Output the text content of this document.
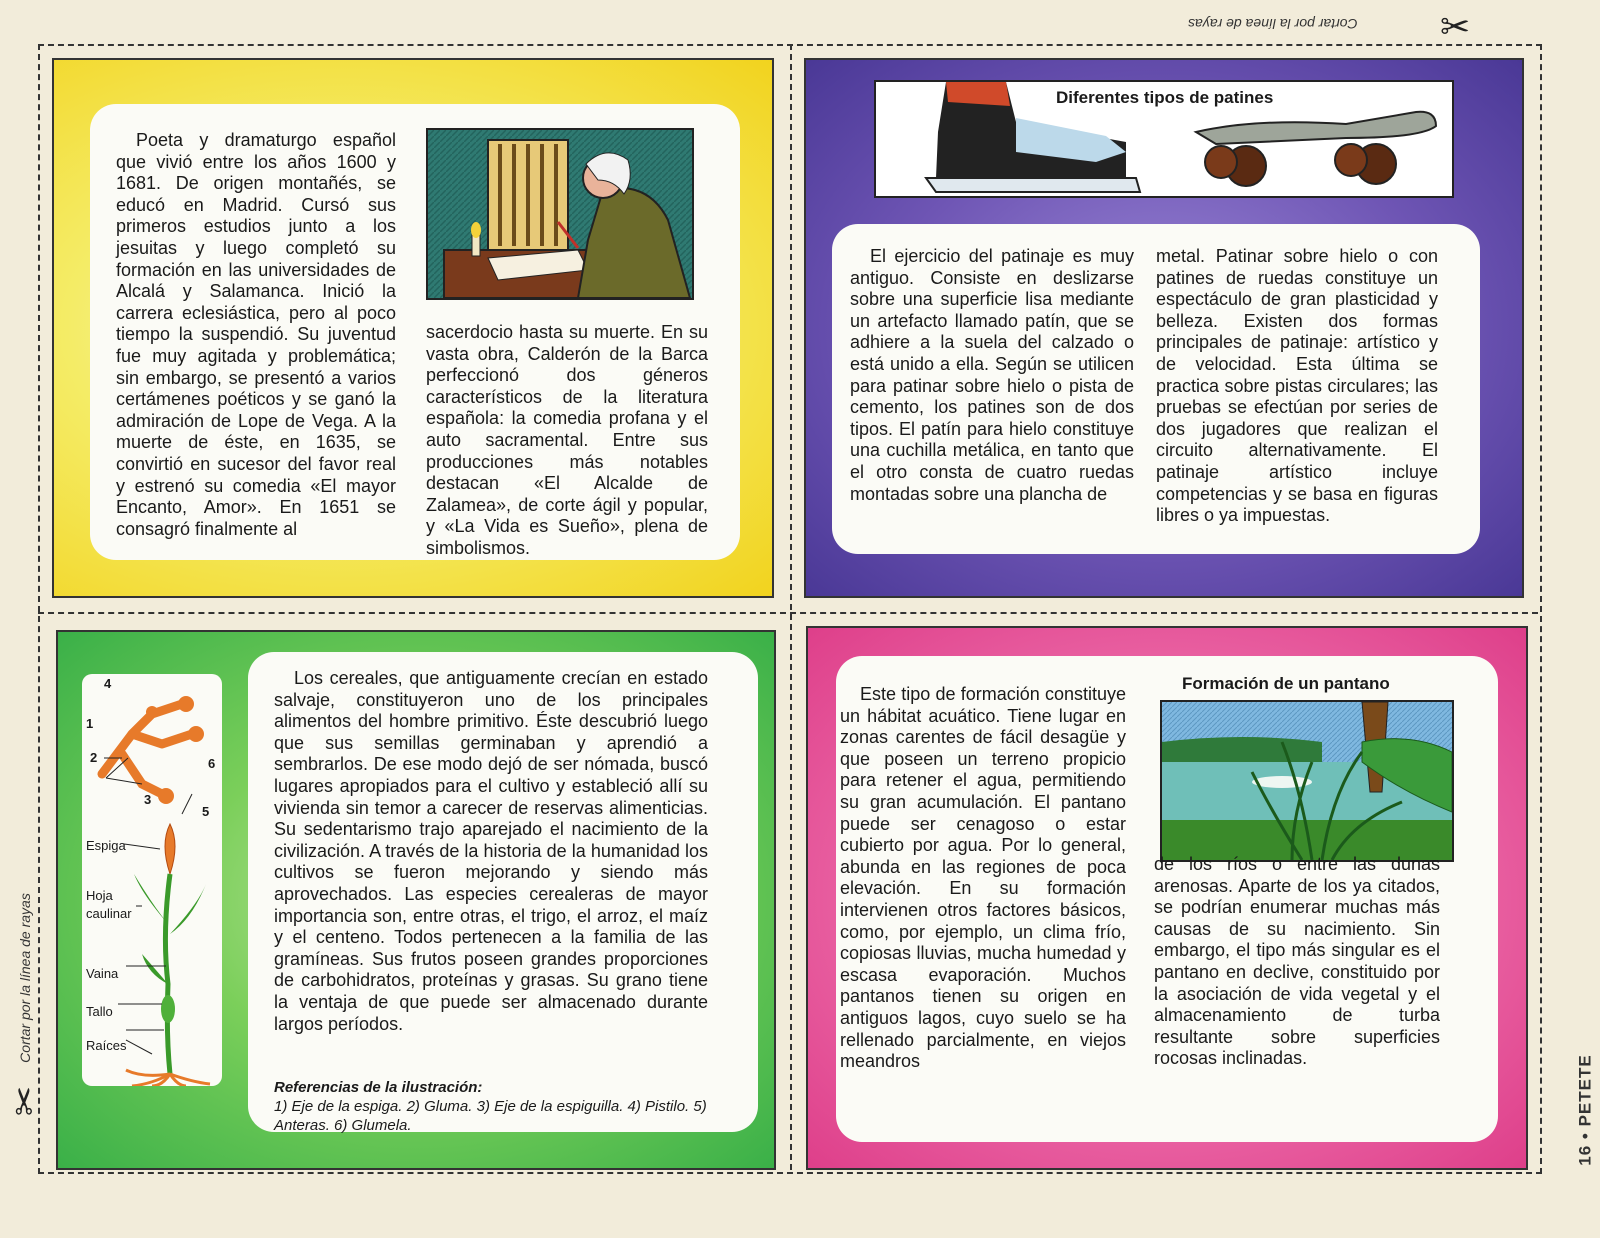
Cortar por la línea de rayas ✂
Cortar por la línea de rayas
✂	16 • PETETE

Poeta y dramaturgo español que vivió entre los años 1600 y 1681. De origen montañés, se educó en Madrid. Cursó sus primeros estudios junto a los jesuitas y luego completó su formación en las universidades de Alcalá y Salamanca. Inició la carrera eclesiástica, pero al poco tiempo la suspendió. Su juventud fue muy agitada y problemática; sin embargo, se presentó a varios certámenes poéticos y se ganó la admiración de Lope de Vega. A la muerte de éste, en 1635, se convirtió en sucesor del favor real y estrenó su comedia «El mayor Encanto, Amor». En 1651 se consagró finalmente al

sacerdocio hasta su muerte. En su vasta obra, Calderón de la Barca perfeccionó dos géneros característicos de la literatura española: la comedia profana y el auto sacramental. Entre sus producciones más notables destacan «El Alcalde de Zalamea», de corte ágil y popular, y «La Vida es Sueño», plena de simbolismos.

Diferentes tipos de patines

El ejercicio del patinaje es muy antiguo. Consiste en deslizarse sobre una superficie lisa mediante un artefacto llamado patín, que se adhiere a la suela del calzado o está unido a ella. Según se utilicen para patinar sobre hielo o pista de cemento, los patines son de dos tipos. El patín para hielo constituye una cuchilla metálica, en tanto que el otro consta de cuatro ruedas montadas sobre una plancha de

metal. Patinar sobre hielo o con patines de ruedas constituye un espectáculo de gran plasticidad y belleza. Existen dos formas principales de patinaje: artístico y de velocidad. Esta última se practica sobre pistas circulares; las pruebas se efectúan por series de dos jugadores que realizan el circuito alternativamente. El patinaje artístico incluye competencias y se basa en figuras libres o ya impuestas.

4
1
2
3
6
5
Espiga
Hoja
caulinar
Vaina
Tallo
Raíces

Los cereales, que antiguamente crecían en estado salvaje, constituyeron uno de los principales alimentos del hombre primitivo. Éste descubrió luego que sus semillas germinaban y aprendió a sembrarlos. De ese modo dejó de ser nómada, buscó lugares apropiados para el cultivo y estableció allí su vivienda sin temor a carecer de reservas alimenticias. Su sedentarismo trajo aparejado el nacimiento de la civilización. A través de la historia de la humanidad los cultivos se fueron mejorando y siendo más aprovechados. Las especies cerealeras de mayor importancia son, entre otras, el trigo, el arroz, el maíz y el centeno. Todos pertenecen a la familia de las gramíneas. Sus frutos poseen grandes proporciones de carbohidratos, proteínas y grasas. Su grano tiene la ventaja de que puede ser almacenado durante largos períodos.

Referencias de la ilustración:
1) Eje de la espiga. 2) Gluma. 3) Eje de la espiguilla. 4) Pistilo. 5) Anteras. 6) Glumela.
Formación de un pantano

Este tipo de formación constituye un hábitat acuático. Tiene lugar en zonas carentes de fácil desagüe y que poseen un terreno propicio para retener el agua, permitiendo su gran acumulación. El pantano puede ser cenagoso o estar cubierto por agua. Por lo general, abunda en las regiones de poca elevación. En su formación intervienen otros factores básicos, como, por ejemplo, un clima frío, copiosas lluvias, mucha humedad y escasa evaporación. Muchos pantanos tienen su origen en antiguos lagos, cuyo suelo se ha rellenado parcialmente, en viejos meandros

de los ríos o entre las dunas arenosas. Aparte de los ya citados, se podrían enumerar muchas más causas de su nacimiento. Sin embargo, el tipo más singular es el pantano en declive, constituido por la asociación de vida vegetal y el almacenamiento de turba resultante sobre superficies rocosas inclinadas.
